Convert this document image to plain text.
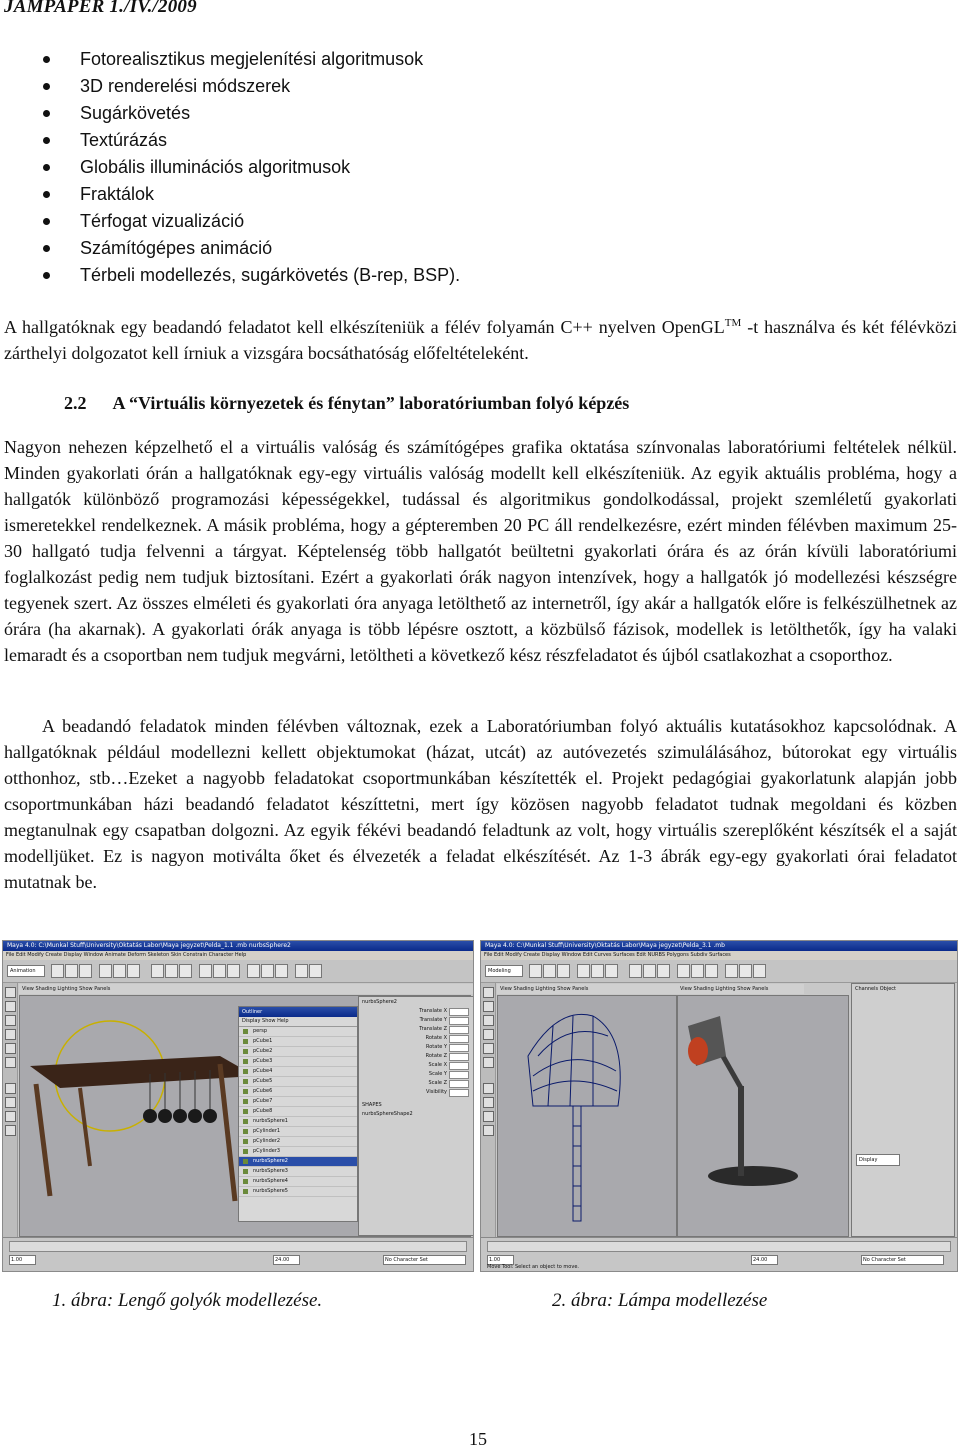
JAMPAPER 1./IV./2009
Fotorealisztikus megjelenítési algoritmusok
3D renderelési módszerek
Sugárkövetés
Textúrázás
Globális illuminációs algoritmusok
Fraktálok
Térfogat vizualizáció
Számítógépes animáció
Térbeli modellezés, sugárkövetés (B-rep, BSP).

A hallgatóknak egy beadandó feladatot kell elkészíteniük a félév folyamán C++ nyelven OpenGL™ -t használva és két félévközi zárthelyi dolgozatot kell írniuk a vizsgára bocsáthatóság előfeltételeként.

2.2 A “Virtuális környezetek és fénytan” laboratóriumban folyó képzés

Nagyon nehezen képzelhető el a virtuális valóság és számítógépes grafika oktatása színvonalas laboratóriumi feltételek nélkül. Minden gyakorlati órán a hallgatóknak egy-egy virtuális valóság modellt kell elkészíteniük. Az egyik aktuális probléma, hogy a hallgatók különböző programozási képességekkel, tudással és algoritmikus gondolkodással, projekt szemléletű gyakorlati ismeretekkel rendelkeznek. A másik probléma, hogy a gépteremben 20 PC áll rendelkezésre, ezért minden félévben maximum 25-30 hallgató tudja felvenni a tárgyat. Képtelenség több hallgatót beültetni gyakorlati órára és az órán kívüli laboratóriumi foglalkozást pedig nem tudjuk biztosítani. Ezért a gyakorlati órák nagyon intenzívek, hogy a hallgatók jó modellezési készségre tegyenek szert. Az összes elméleti és gyakorlati óra anyaga letölthető az internetről, így akár a hallgatók előre is felkészülhetnek az órára (ha akarnak). A gyakorlati órák anyaga is több lépésre osztott, a közbülső fázisok, modellek is letölthetők, így ha valaki lemaradt és a csoportban nem tudjuk megvárni, letöltheti a következő kész részfeladatot és újból csatlakozhat a csoporthoz.

A beadandó feladatok minden félévben változnak, ezek a Laboratóriumban folyó aktuális kutatásokhoz kapcsolódnak. A hallgatóknak például modellezni kellett objektumokat (házat, utcát) az autóvezetés szimulálásához, bútorokat egy virtuális otthonhoz, stb…Ezeket a nagyobb feladatokat csoportmunkában készítették el. Projekt pedagógiai gyakorlatunk alapján jobb csoportmunkában házi beadandó feladatot készíttetni, mert így közösen nagyobb feladatot tudnak megoldani és közben megtanulnak egy csapatban dolgozni. Az egyik fékévi beadandó feladtunk az volt, hogy virtuális szereplőként készítsék el a saját modelljüket. Ez is nagyon motiválta őket és élvezeték a feladat elkészítését. Az 1-3 ábrák egy-egy gyakorlati órai feladatot mutatnak be.

Maya 4.0: C:\Munkal Stuff\University\Oktatás Labor\Maya jegyzet\Pelda_1.1 .mb nurbsSphere2
File Edit Modify Create Display Window Animate Deform Skeleton Skin Constrain Character Help
Animation
View Shading Lighting Show Panels
Outliner
Display Show Help
persp
pCube1
pCube2
pCube3
pCube4
pCube5
pCube6
pCube7
pCube8
nurbsSphere1
pCylinder1
pCylinder2
pCylinder3
nurbsSphere2
nurbsSphere3
nurbsSphere4
nurbsSphere5
nurbsSphere2
Translate X
Translate Y
Translate Z
Rotate X
Rotate Y
Rotate Z
Scale X
Scale Y
Scale Z
Visibility
SHAPES
nurbsSphereShape2
1.00	24.00	No Character Set
Maya 4.0: C:\Munkal Stuff\University\Oktatás Labor\Maya jegyzet\Pelda_3.1 .mb
File Edit Modify Create Display Window Edit Curves Surfaces Edit NURBS Polygons Subdiv Surfaces
Modeling
View Shading Lighting Show Panels	View Shading Lighting Show Panels	Channels Object
Display
1.00	24.00	No Character Set
Move Tool: Select an object to move.
1. ábra: Lengő golyók modellezése.	2. ábra: Lámpa modellezése
15
